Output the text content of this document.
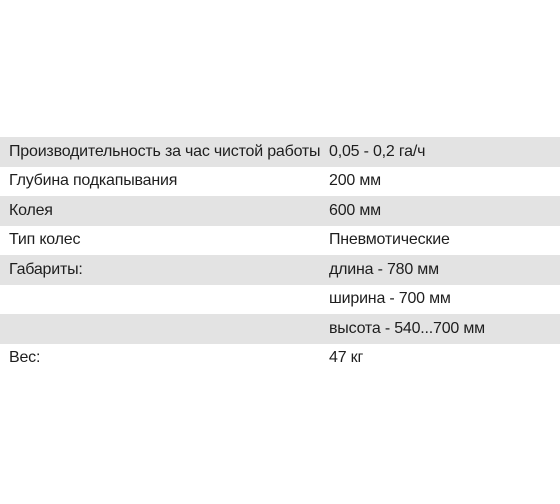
Производительность за час чистой работы 0,05 - 0,2 га/ч
Глубина подкапывания	200 мм
Колея	600 мм
Тип колес	Пневмотические
Габариты:	длина - 780 мм
ширина - 700 мм
высота - 540...700 мм
Вес:	47 кг
